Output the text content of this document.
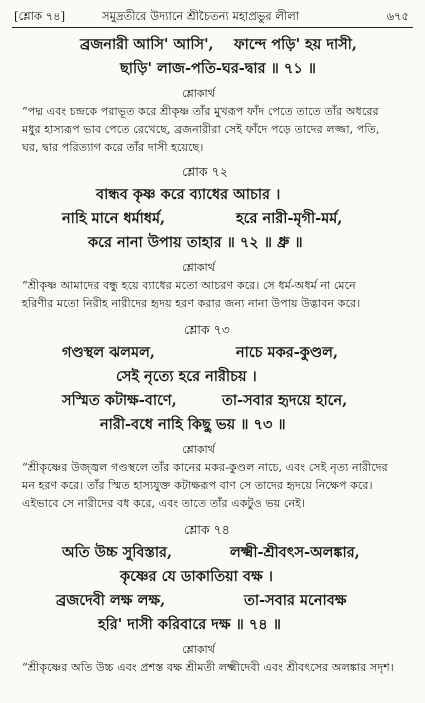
[শ্লোক ৭৪]	সমুদ্রতীরে উদ্যানে শ্রীচৈতন্য মহাপ্রভুর লীলা	৬৭৫
ব্রজনারী আসি' আসি', ফান্দে পড়ি' হয় দাসী,
ছাড়ি' লাজ-পতি-ঘর-দ্বার ॥ ৭১ ॥
শ্লোকার্থ
“পদ্ম এবং চন্দ্রকে পরাভূত করে শ্রীকৃষ্ণ তাঁর মুখরূপ ফাঁদ পেতে তাতে তাঁর অধরের
মধুর হাস্যরূপ ভাব পেতে রেখেছে, ব্রজনারীরা সেই ফাঁদে পড়ে তাদের লজ্জা, পতি,
ঘর, দ্বার পরিত্যাগ করে তাঁর দাসী হয়েছে।
শ্লোক ৭২
বান্ধব কৃষ্ণ করে ব্যাধের আচার ।
নাহি মানে ধর্মাধর্ম,	হরে নারী-মৃগী-মর্ম,
করে নানা উপায় তাহার ॥ ৭২ ॥ ধ্রু ॥
শ্লোকার্থ
“শ্রীকৃষ্ণ আমাদের বন্ধু হয়ে ব্যাধের মতো আচরণ করে। সে ধর্ম-অধর্ম না মেনে
হরিণীর মতো নিরীহ নারীদের হৃদয় হরণ করার জন্য নানা উপায় উদ্ভাবন করে।
শ্লোক ৭৩
গণ্ডস্থল ঝলমল,	নাচে মকর-কুণ্ডল,
সেই নৃত্যে হরে নারীচয় ।
সস্মিত কটাক্ষ-বাণে,	তা-সবার হৃদয়ে হানে,
নারী-বধে নাহি কিছু ভয় ॥ ৭৩ ॥
শ্লোকার্থ
“শ্রীকৃষ্ণের উজ্জ্বল গণ্ডস্থলে তাঁর কানের মকর-কুণ্ডল নাচে, এবং সেই নৃত্য নারীদের
মন হরণ করে। তাঁর স্মিত হাস্যযুক্ত কটাক্ষরূপ বাণ সে তাদের হৃদয়ে নিক্ষেপ করে।
এইভাবে সে নারীদের বধ করে, এবং তাতে তাঁর একটুও ভয় নেই।
শ্লোক ৭৪
অতি উচ্চ সুবিস্তার,	লক্ষ্মী-শ্রীবৎস-অলঙ্কার,
কৃষ্ণের যে ডাকাতিয়া বক্ষ ।
ব্রজদেবী লক্ষ লক্ষ,	তা-সবার মনোবক্ষ
হরি' দাসী করিবারে দক্ষ ॥ ৭৪ ॥
শ্লোকার্থ
“শ্রীকৃষ্ণের অতি উচ্চ এবং প্রশস্ত বক্ষ শ্রীমতী লক্ষ্মীদেবী এবং শ্রীবৎসের অলঙ্কার সদৃশ।
